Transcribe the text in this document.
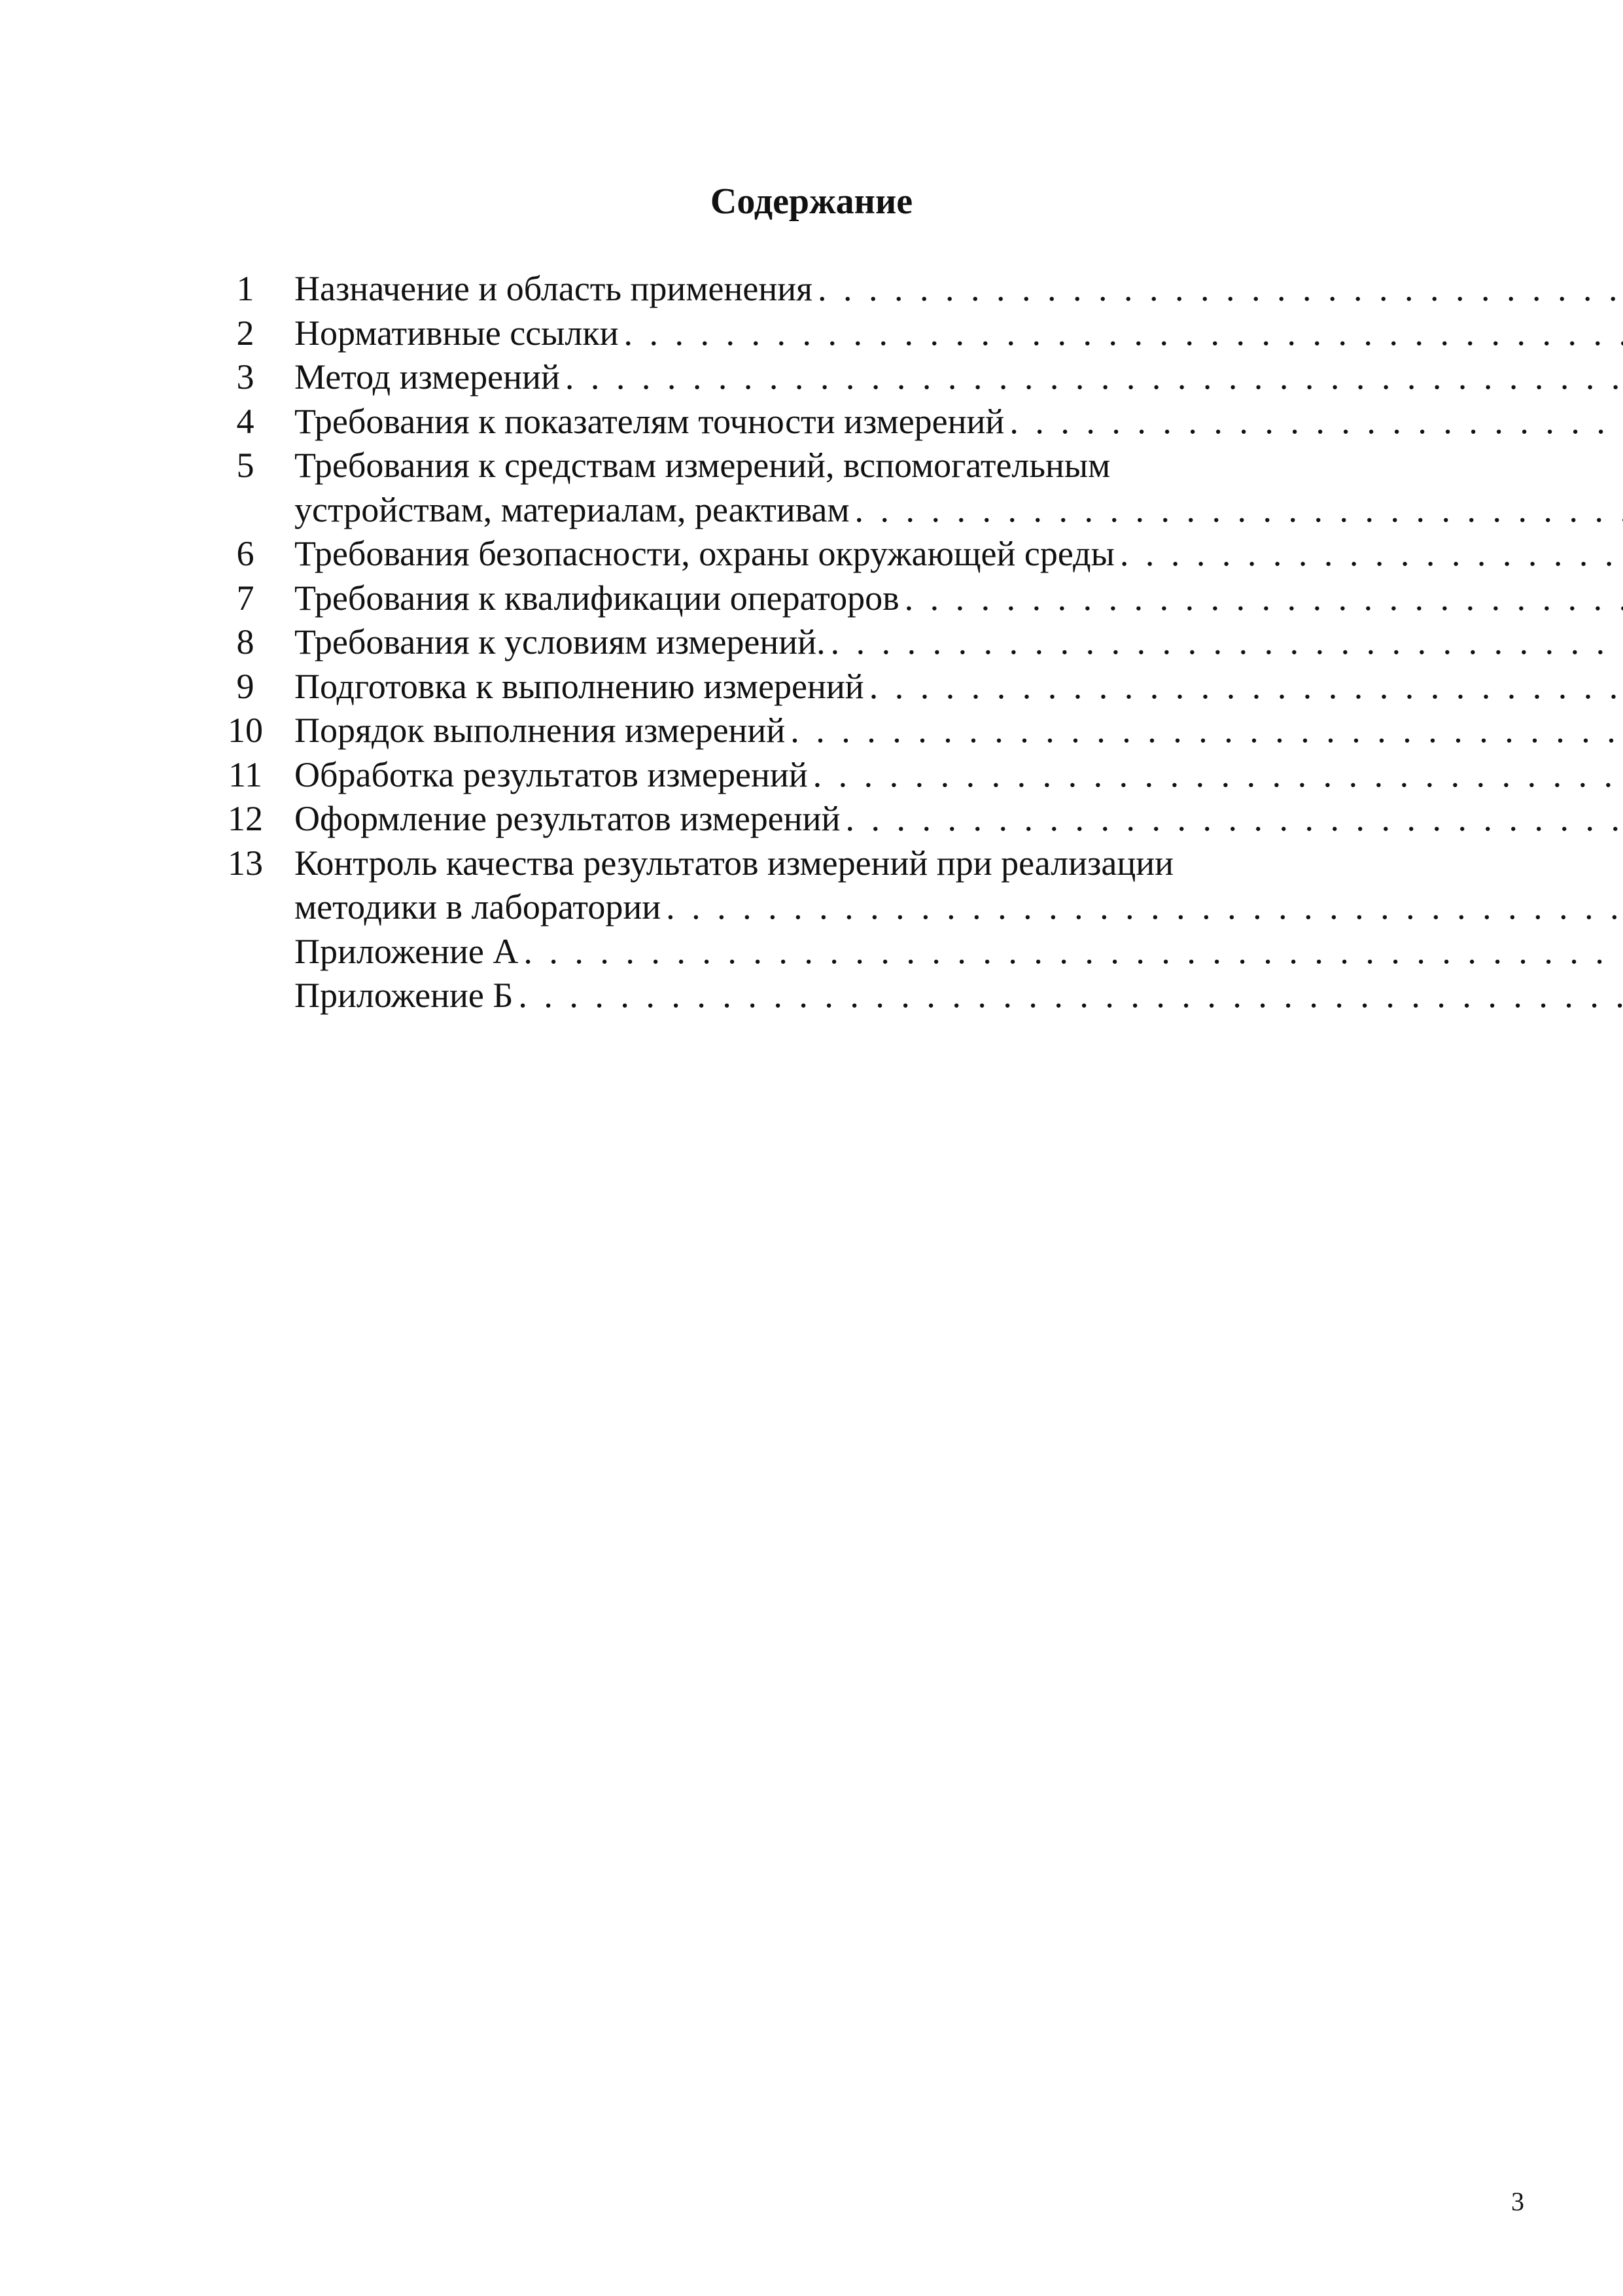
Содержание
1	Назначение и область применения
. . .
2	Нормативные ссылки
. . .
3	Метод измерений
. . .
4	Требования к показателям точности измерений
. . .
5	Требования к средствам измерений, вспомогательным
устройствам, материалам, реактивам
. . .
6	Требования безопасности, охраны окружающей среды
. . .
7	Требования к квалификации операторов
. . .
8	Требования к условиям измерений.
. . .
9	Подготовка к выполнению измерений
. . .
10 Порядок выполнения измерений
. . .
11 Обработка результатов измерений
. . .
12 Оформление результатов измерений
. . .
13 Контроль качества результатов измерений при реализации
методики в лаборатории
. . .
Приложение А
. . .
Приложение Б
. . .
3
